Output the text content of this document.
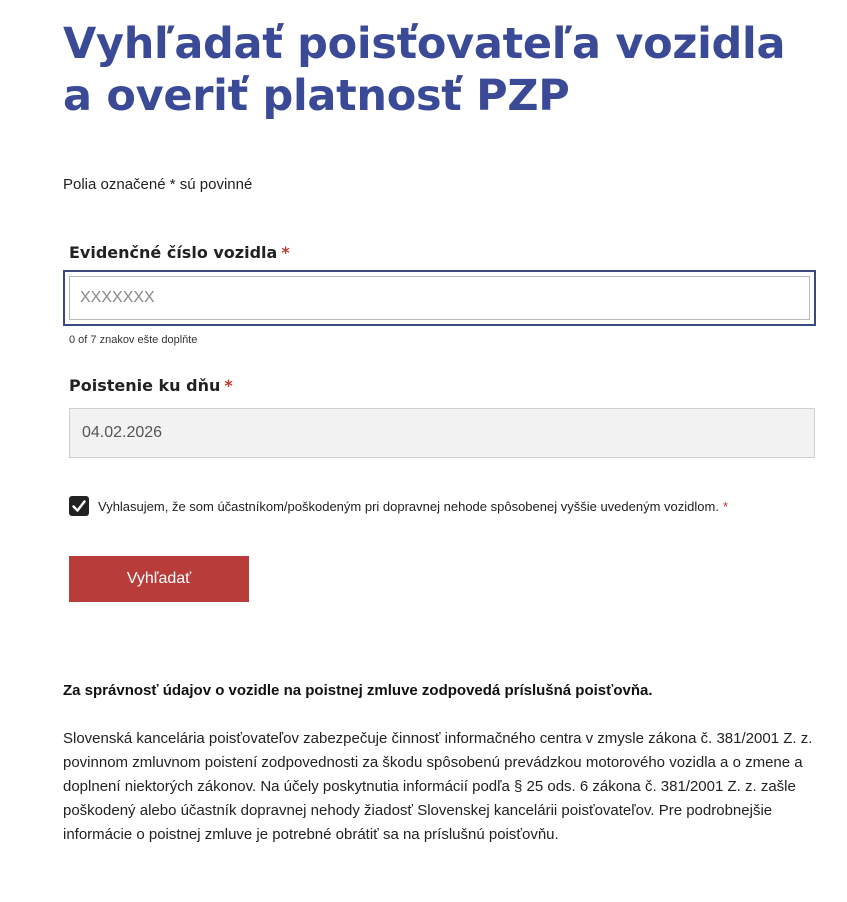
Vyhľadať poisťovateľa vozidla a overiť platnosť PZP
Polia označené * sú povinné
Evidenčné číslo vozidla *
XXXXXXX
0 of 7 znakov ešte doplňte
Poistenie ku dňu *
04.02.2026
Vyhlasujem, že som účastníkom/poškodeným pri dopravnej nehode spôsobenej vyššie uvedeným vozidlom. *
Vyhľadať
Za správnosť údajov o vozidle na poistnej zmluve zodpovedá príslušná poisťovňa.

Slovenská kancelária poisťovateľov zabezpečuje činnosť informačného centra v zmysle zákona č. 381/2001 Z. z. povinnom zmluvnom poistení zodpovednosti za škodu spôsobenú prevádzkou motorového vozidla a o zmene a doplnení niektorých zákonov. Na účely poskytnutia informácií podľa § 25 ods. 6 zákona č. 381/2001 Z. z. zašle poškodený alebo účastník dopravnej nehody žiadosť Slovenskej kancelárii poisťovateľov. Pre podrobnejšie informácie o poistnej zmluve je potrebné obrátiť sa na príslušnú poisťovňu.
